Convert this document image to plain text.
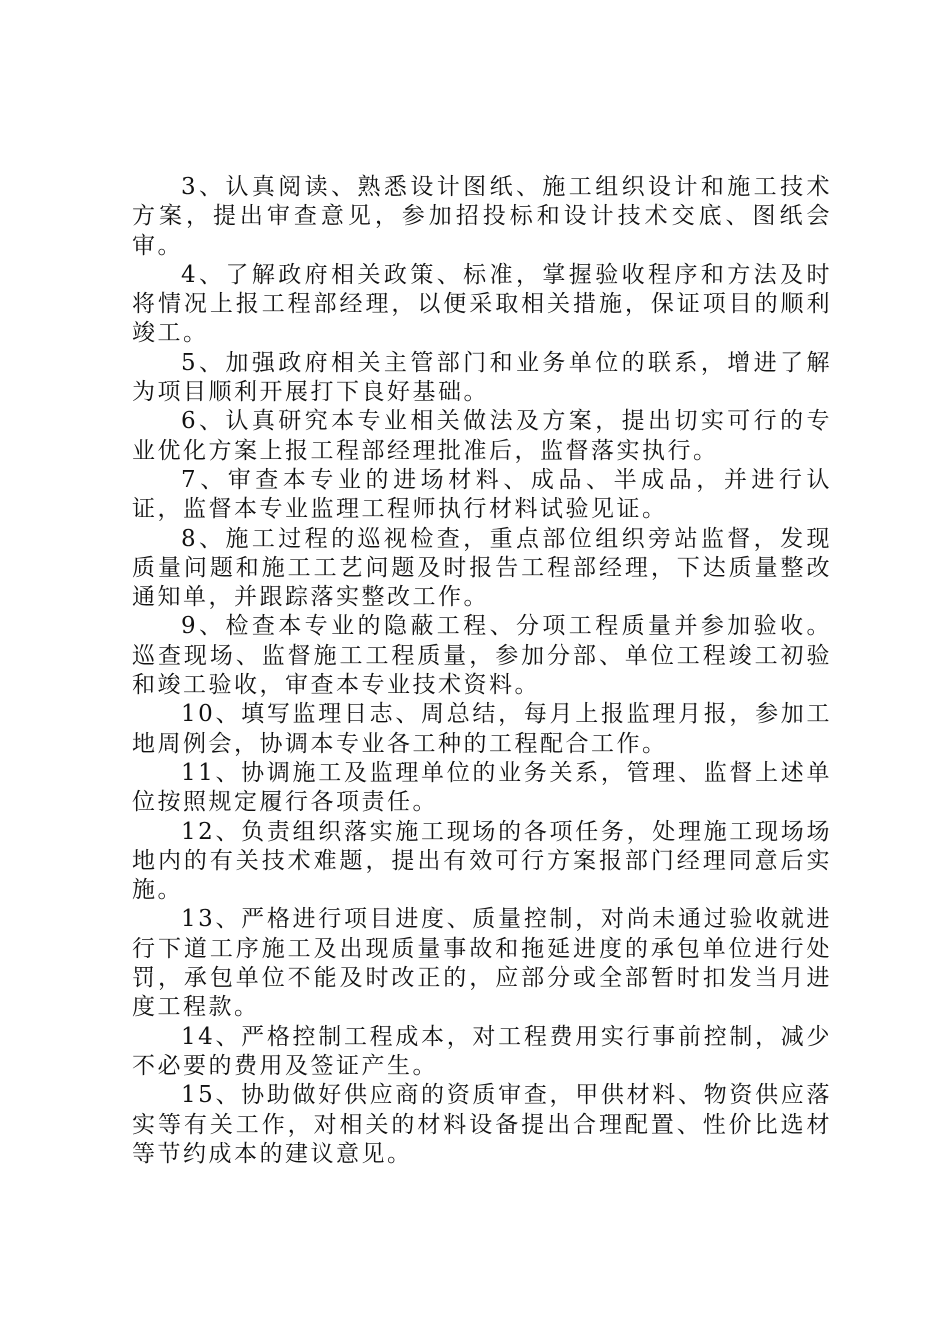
3、认真阅读、熟悉设计图纸、施工组织设计和施工技术方案，提出审查意见，参加招投标和设计技术交底、图纸会审。

4、了解政府相关政策、标准，掌握验收程序和方法及时将情况上报工程部经理，以便采取相关措施，保证项目的顺利竣工。

5、加强政府相关主管部门和业务单位的联系，增进了解为项目顺利开展打下良好基础。

6、认真研究本专业相关做法及方案，提出切实可行的专业优化方案上报工程部经理批准后，监督落实执行。

7、审查本专业的进场材料、成品、半成品，并进行认证，监督本专业监理工程师执行材料试验见证。

8、施工过程的巡视检查，重点部位组织旁站监督，发现质量问题和施工工艺问题及时报告工程部经理，下达质量整改通知单，并跟踪落实整改工作。

9、检查本专业的隐蔽工程、分项工程质量并参加验收。巡查现场、监督施工工程质量，参加分部、单位工程竣工初验和竣工验收，审查本专业技术资料。

10、填写监理日志、周总结，每月上报监理月报，参加工地周例会，协调本专业各工种的工程配合工作。

11、协调施工及监理单位的业务关系，管理、监督上述单位按照规定履行各项责任。

12、负责组织落实施工现场的各项任务，处理施工现场场地内的有关技术难题，提出有效可行方案报部门经理同意后实施。

13、严格进行项目进度、质量控制，对尚未通过验收就进行下道工序施工及出现质量事故和拖延进度的承包单位进行处罚，承包单位不能及时改正的，应部分或全部暂时扣发当月进度工程款。

14、严格控制工程成本，对工程费用实行事前控制，减少不必要的费用及签证产生。

15、协助做好供应商的资质审查，甲供材料、物资供应落实等有关工作，对相关的材料设备提出合理配置、性价比选材等节约成本的建议意见。
